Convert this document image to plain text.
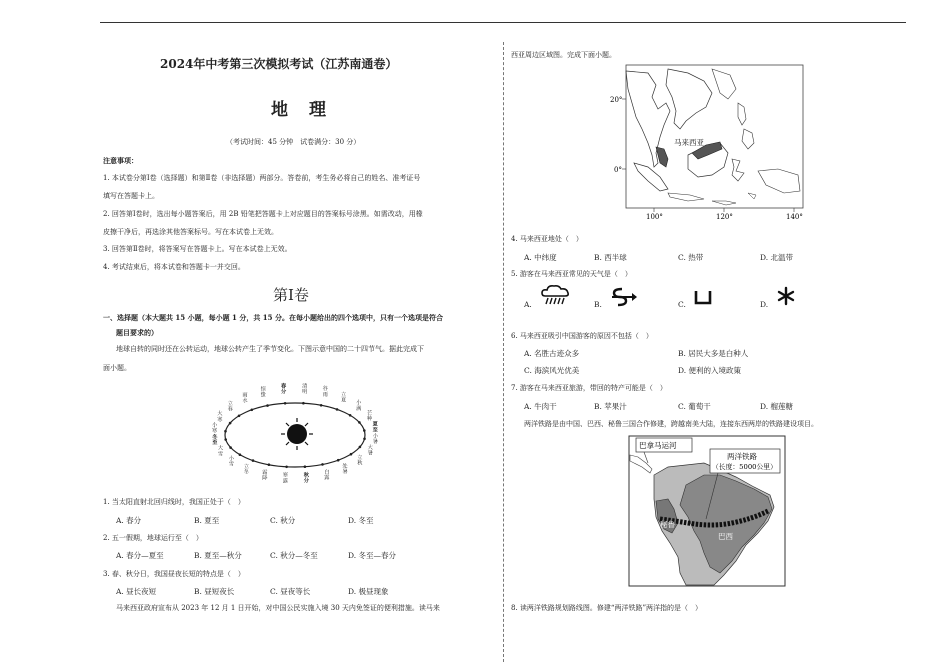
2024年中考第三次模拟考试（江苏南通卷）
地　理
（考试时间：45 分钟　试卷满分：30 分）
注意事项：
1. 本试卷分第Ⅰ卷（选择题）和第Ⅱ卷（非选择题）两部分。答卷前，考生务必将自己的姓名、准考证号
填写在答题卡上。
2. 回答第Ⅰ卷时，选出每小题答案后，用 2B 铅笔把答题卡上对应题目的答案标号涂黑。如需改动，用橡
皮擦干净后，再选涂其他答案标号。写在本试卷上无效。
3. 回答第Ⅱ卷时，将答案写在答题卡上。写在本试卷上无效。
4. 考试结束后，将本试卷和答题卡一并交回。
第Ⅰ卷
一、选择题（本大题共 15 小题，每小题 1 分，共 15 分。在每小题给出的四个选项中，只有一个选项是符合
题目要求的）
地球自转的同时还在公转运动，地球公转产生了季节变化。下图示意中国的二十四节气。据此完成下
面小题。
清明	谷雨	立夏 小满
芒种
夏至
小暑
大暑
立秋
处暑
白露
秋分
寒露
霜降
立冬
小雪
大雪
冬至
小寒
大寒
立春
雨水
惊蛰
春分
1. 当太阳直射北回归线时，我国正处于（　）
A. 春分	B. 夏至	C. 秋分	D. 冬至
2. 五一假期，地球运行至（　）
A. 春分—夏至	B. 夏至—秋分	C. 秋分—冬至	D. 冬至—春分
3. 春、秋分日，我国昼夜长短的特点是（　）
A. 昼长夜短	B. 昼短夜长	C. 昼夜等长	D. 极昼现象
马来西亚政府宣布从 2023 年 12 月 1 日开始，对中国公民实施入境 30 天内免签证的便利措施。读马来
西亚周边区域图。完成下面小题。
20°
0°
100°	120°	140°
马来西亚
4. 马来西亚地处（　）
A. 中纬度	B. 西半球	C. 热带	D. 北温带
5. 游客在马来西亚常见的天气是（　）
A.	B.	C.	D.
6. 马来西亚吸引中国游客的原因不包括（　）
A. 名胜古迹众多	B. 居民大多是白种人
C. 海滨风光优美	D. 便利的入境政策
7. 游客在马来西亚旅游，带回的特产可能是（　）
A. 牛肉干	B. 苹果汁	C. 葡萄干	D. 榴莲糖
两洋铁路是由中国、巴西、秘鲁三国合作修建，跨越南美大陆，连接东西两岸的铁路建设项目。
巴拿马运河
两洋铁路
（长度：5000公里）
秘鲁
巴西
8. 读两洋铁路规划路线图。修建“两洋铁路”两洋指的是（　）
